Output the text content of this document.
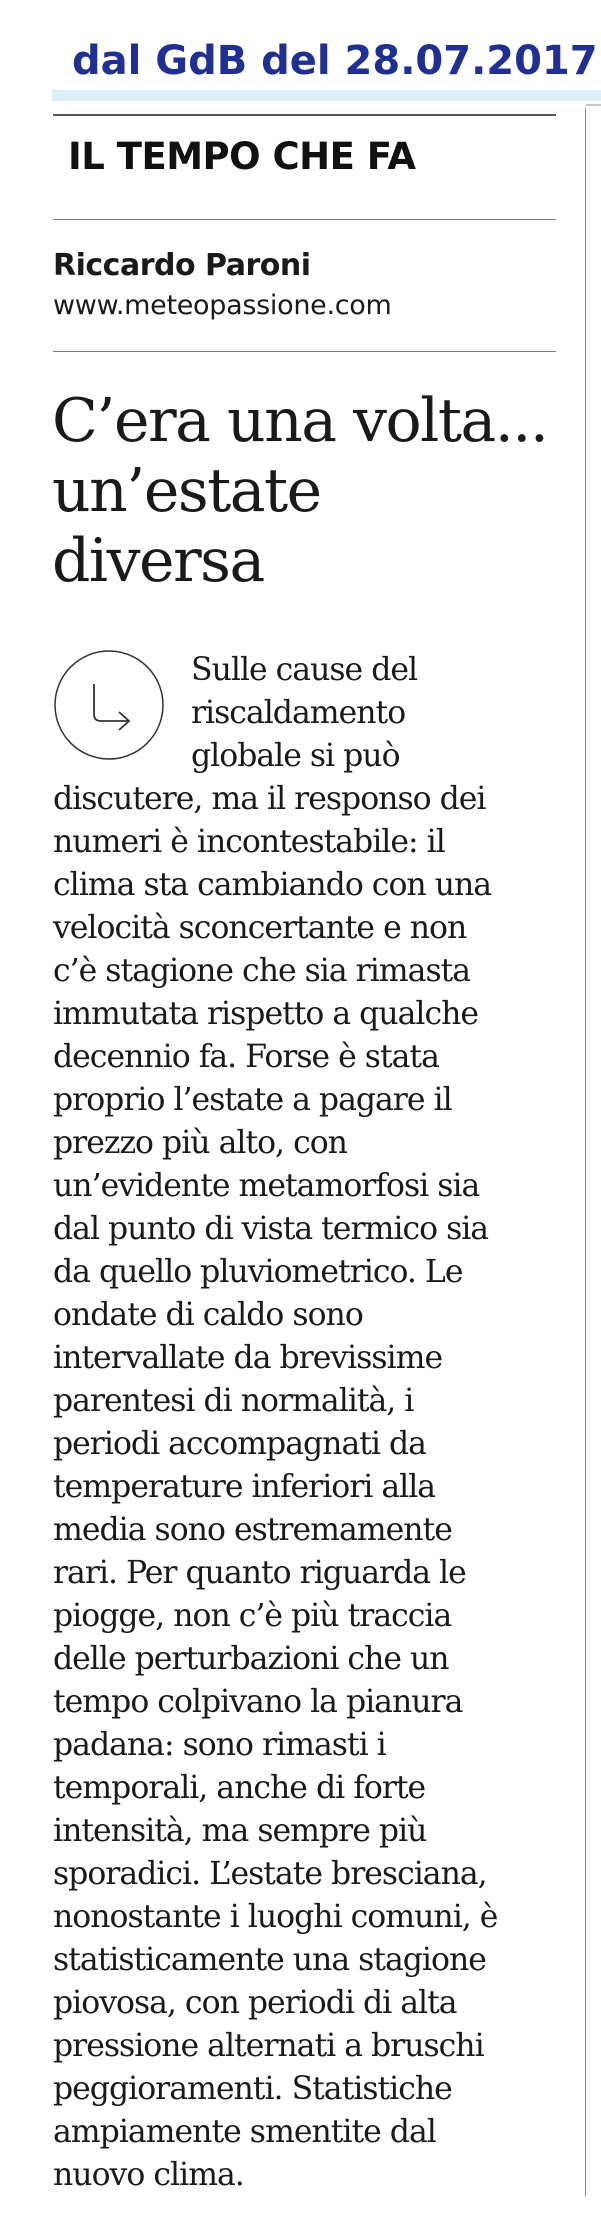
dal GdB del 28.07.2017
IL TEMPO CHE FA
Riccardo Paroni
www.meteopassione.com
C’era una volta...
un’estate
diversa
Sulle cause del
riscaldamento
globale si può
discutere, ma il responso dei
numeri è incontestabile: il
clima sta cambiando con una
velocità sconcertante e non
c’è stagione che sia rimasta
immutata rispetto a qualche
decennio fa. Forse è stata
proprio l’estate a pagare il
prezzo più alto, con
un’evidente metamorfosi sia
dal punto di vista termico sia
da quello pluviometrico. Le
ondate di caldo sono
intervallate da brevissime
parentesi di normalità, i
periodi accompagnati da
temperature inferiori alla
media sono estremamente
rari. Per quanto riguarda le
piogge, non c’è più traccia
delle perturbazioni che un
tempo colpivano la pianura
padana: sono rimasti i
temporali, anche di forte
intensità, ma sempre più
sporadici. L’estate bresciana,
nonostante i luoghi comuni, è
statisticamente una stagione
piovosa, con periodi di alta
pressione alternati a bruschi
peggioramenti. Statistiche
ampiamente smentite dal
nuovo clima.
